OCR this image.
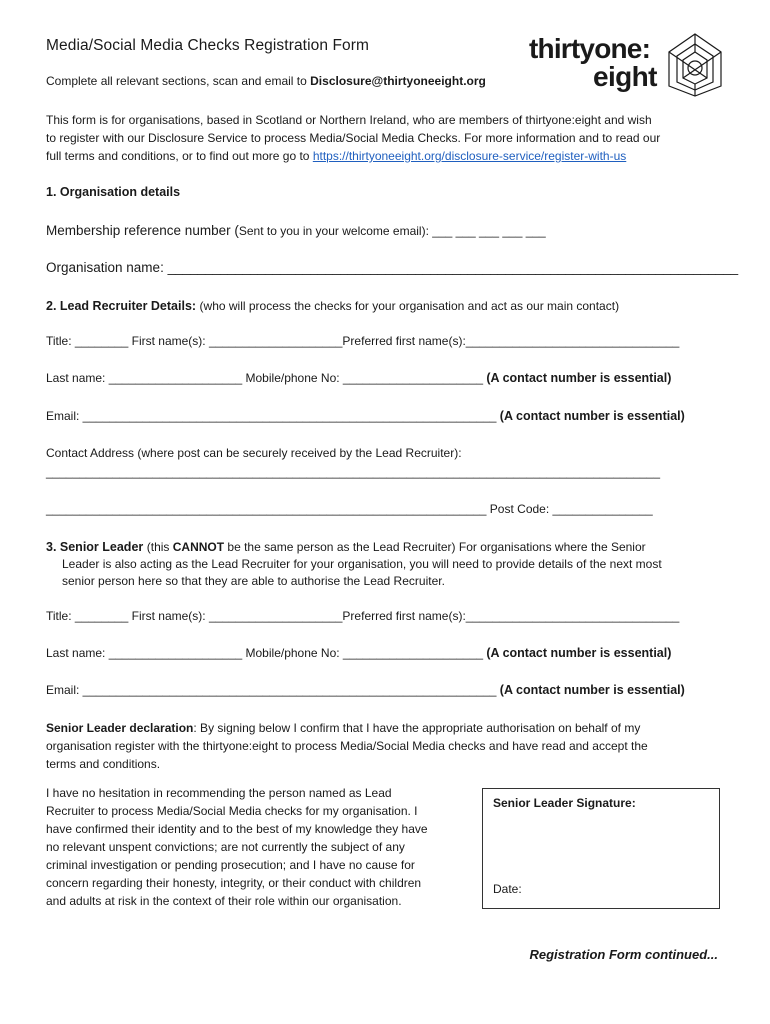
Media/Social Media Checks Registration Form	thirtyone:
eight
Complete all relevant sections, scan and email to Disclosure@thirtyoneeight.org
This form is for organisations, based in Scotland or Northern Ireland, who are members of thirtyone:eight and wish
to register with our Disclosure Service to process Media/Social Media Checks. For more information and to read our
full terms and conditions, or to find out more go to https://thirtyoneeight.org/disclosure-service/register-with-us
1. Organisation details
Membership reference number (Sent to you in your welcome email): ___ ___ ___ ___ ___
Organisation name: ____________________________________________________________________________
2. Lead Recruiter Details: (who will process the checks for your organisation and act as our main contact)
Title: ________ First name(s): ____________________Preferred first name(s):________________________________
Last name: ____________________ Mobile/phone No: _____________________ (A contact number is essential)
Email: ______________________________________________________________ (A contact number is essential)
Contact Address (where post can be securely received by the Lead Recruiter):
____________________________________________________________________________________________
__________________________________________________________________ Post Code: _______________
3. Senior Leader (this CANNOT be the same person as the Lead Recruiter) For organisations where the Senior
Leader is also acting as the Lead Recruiter for your organisation, you will need to provide details of the next most
senior person here so that they are able to authorise the Lead Recruiter.
Title: ________ First name(s): ____________________Preferred first name(s):________________________________
Last name: ____________________ Mobile/phone No: _____________________ (A contact number is essential)
Email: ______________________________________________________________ (A contact number is essential)
Senior Leader declaration: By signing below I confirm that I have the appropriate authorisation on behalf of my
organisation register with the thirtyone:eight to process Media/Social Media checks and have read and accept the
terms and conditions.
I have no hesitation in recommending the person named as Lead
Recruiter to process Media/Social Media checks for my organisation. I
have confirmed their identity and to the best of my knowledge they have
no relevant unspent convictions; are not currently the subject of any
criminal investigation or pending prosecution; and I have no cause for
concern regarding their honesty, integrity, or their conduct with children
and adults at risk in the context of their role within our organisation.
Senior Leader Signature:
Date:
Registration Form continued...
